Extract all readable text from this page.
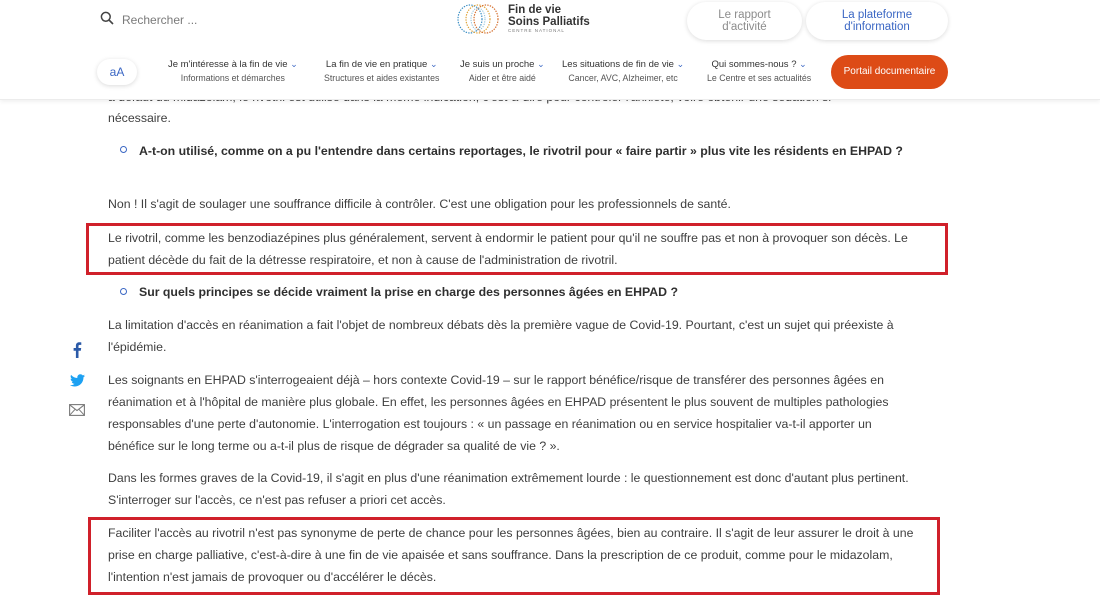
nécessaire.
A-t-on utilisé, comme on a pu l'entendre dans certains reportages, le rivotril pour « faire partir » plus vite les résidents en EHPAD ?
Non ! Il s'agit de soulager une souffrance difficile à contrôler. C'est une obligation pour les professionnels de santé.
Le rivotril, comme les benzodiazépines plus généralement, servent à endormir le patient pour qu'il ne souffre pas et non à provoquer son décès. Le patient décède du fait de la détresse respiratoire, et non à cause de l'administration de rivotril.
Sur quels principes se décide vraiment la prise en charge des personnes âgées en EHPAD ?
La limitation d'accès en réanimation a fait l'objet de nombreux débats dès la première vague de Covid-19. Pourtant, c'est un sujet qui préexiste à l'épidémie.
Les soignants en EHPAD s'interrogeaient déjà – hors contexte Covid-19 – sur le rapport bénéfice/risque de transférer des personnes âgées en réanimation et à l'hôpital de manière plus globale. En effet, les personnes âgées en EHPAD présentent le plus souvent de multiples pathologies responsables d'une perte d'autonomie. L'interrogation est toujours : « un passage en réanimation ou en service hospitalier va-t-il apporter un bénéfice sur le long terme ou a-t-il plus de risque de dégrader sa qualité de vie ? ».
Dans les formes graves de la Covid-19, il s'agit en plus d'une réanimation extrêmement lourde : le questionnement est donc d'autant plus pertinent. S'interroger sur l'accès, ce n'est pas refuser a priori cet accès.
Faciliter l'accès au rivotril n'est pas synonyme de perte de chance pour les personnes âgées, bien au contraire. Il s'agit de leur assurer le droit à une prise en charge palliative, c'est-à-dire à une fin de vie apaisée et sans souffrance. Dans la prescription de ce produit, comme pour le midazolam, l'intention n'est jamais de provoquer ou d'accélérer le décès.
Rechercher ...
Fin de vie
Soins Palliatifs
CENTRE NATIONAL
Le rapport
d'activité
La plateforme
d'information
aA
Je m'intéresse à la fin de vie ⌄
Informations et démarches
La fin de vie en pratique ⌄
Structures et aides existantes
Je suis un proche ⌄
Aider et être aidé
Les situations de fin de vie ⌄
Cancer, AVC, Alzheimer, etc
Qui sommes-nous ? ⌄
Le Centre et ses actualités
Portail documentaire
